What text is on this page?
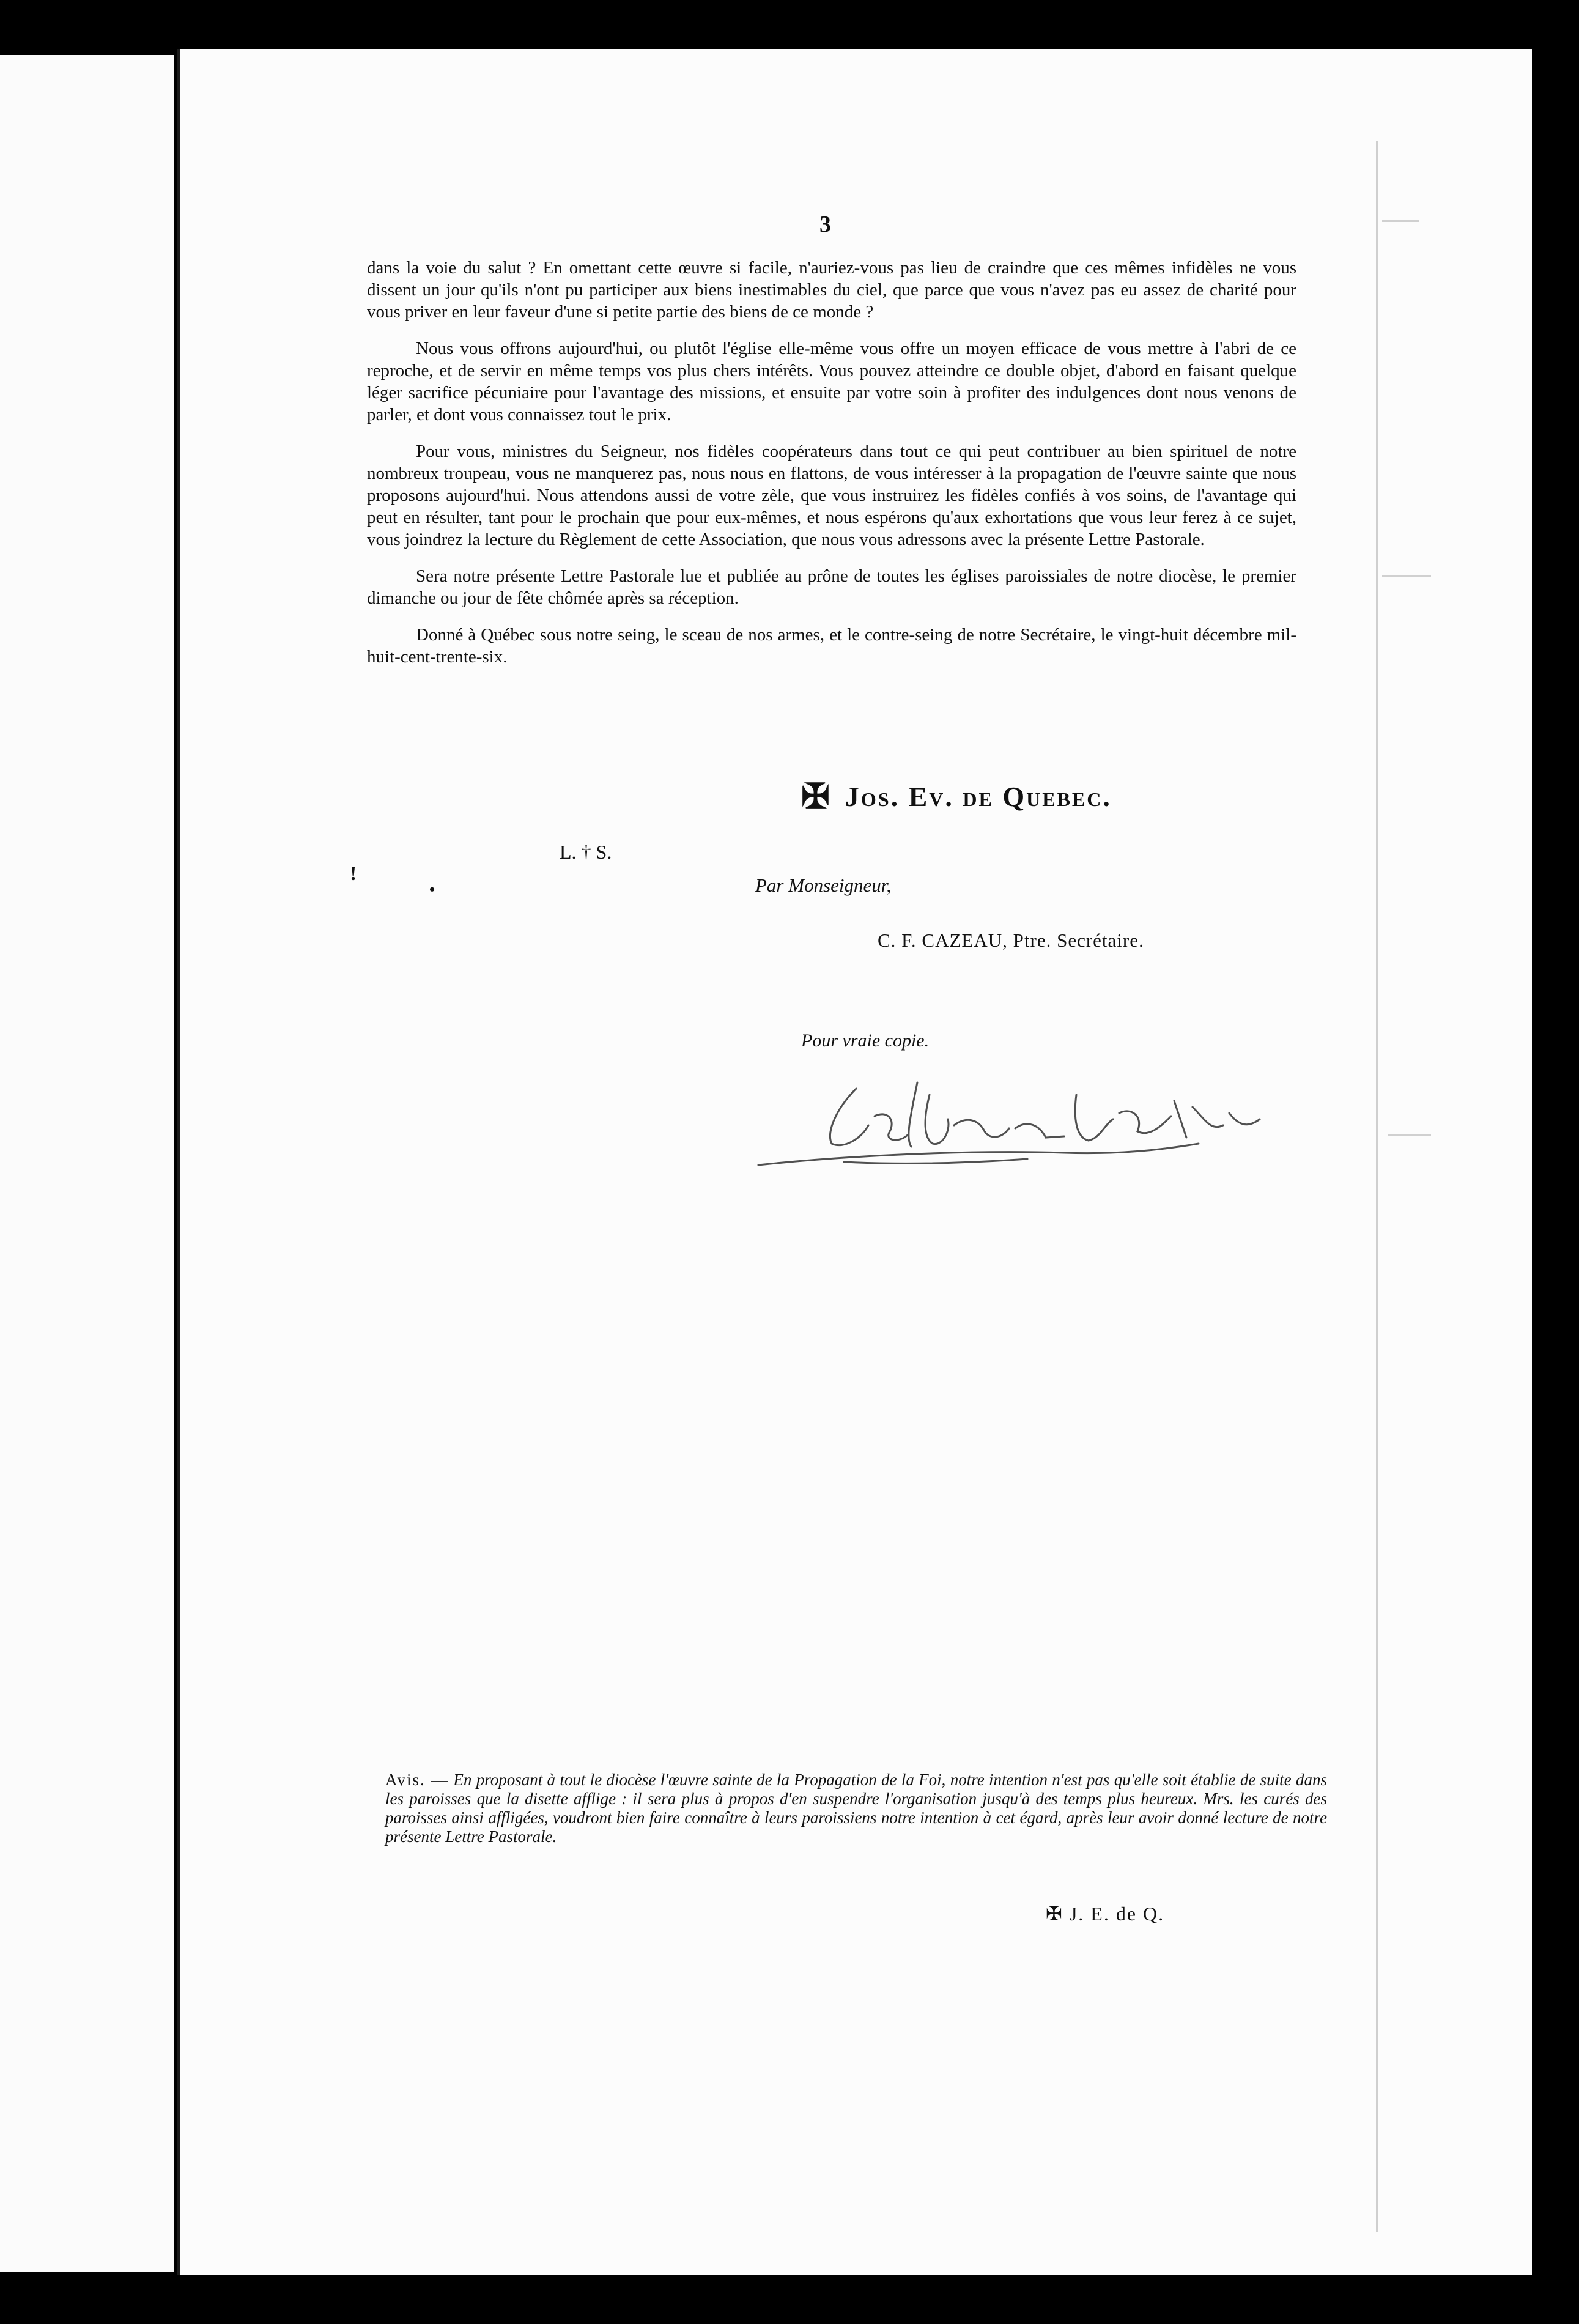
3

dans la voie du salut ? En omettant cette œuvre si facile, n'auriez-vous pas lieu de craindre que ces mêmes infidèles ne vous dissent un jour qu'ils n'ont pu participer aux biens inestimables du ciel, que parce que vous n'avez pas eu assez de charité pour vous priver en leur faveur d'une si petite partie des biens de ce monde ?

Nous vous offrons aujourd'hui, ou plutôt l'église elle-même vous offre un moyen efficace de vous mettre à l'abri de ce reproche, et de servir en même temps vos plus chers intérêts. Vous pouvez atteindre ce double objet, d'abord en faisant quelque léger sacrifice pécuniaire pour l'avantage des missions, et ensuite par votre soin à profiter des indulgences dont nous venons de parler, et dont vous connaissez tout le prix.

Pour vous, ministres du Seigneur, nos fidèles coopérateurs dans tout ce qui peut contribuer au bien spirituel de notre nombreux troupeau, vous ne manquerez pas, nous nous en flattons, de vous intéresser à la propagation de l'œuvre sainte que nous proposons aujourd'hui. Nous attendons aussi de votre zèle, que vous instruirez les fidèles confiés à vos soins, de l'avantage qui peut en résulter, tant pour le prochain que pour eux-mêmes, et nous espérons qu'aux exhortations que vous leur ferez à ce sujet, vous joindrez la lecture du Règlement de cette Association, que nous vous adressons avec la présente Lettre Pastorale.

Sera notre présente Lettre Pastorale lue et publiée au prône de toutes les églises paroissiales de notre diocèse, le premier dimanche ou jour de fête chômée après sa réception.

Donné à Québec sous notre seing, le sceau de nos armes, et le contre-seing de notre Secrétaire, le vingt-huit décembre mil-huit-cent-trente-six.

✠ Jos. Ev. de Quebec.
!
•
L. † S.
Par Monseigneur,
C. F. CAZEAU, Ptre. Secrétaire.
Pour vraie copie.
Avis. — En proposant à tout le diocèse l'œuvre sainte de la Propagation de la Foi, notre intention n'est pas qu'elle soit établie de suite dans les paroisses que la disette afflige : il sera plus à propos d'en suspendre l'organisation jusqu'à des temps plus heureux. Mrs. les curés des paroisses ainsi affligées, voudront bien faire connaître à leurs paroissiens notre intention à cet égard, après leur avoir donné lecture de notre présente Lettre Pastorale.
✠ J. E. de Q.
